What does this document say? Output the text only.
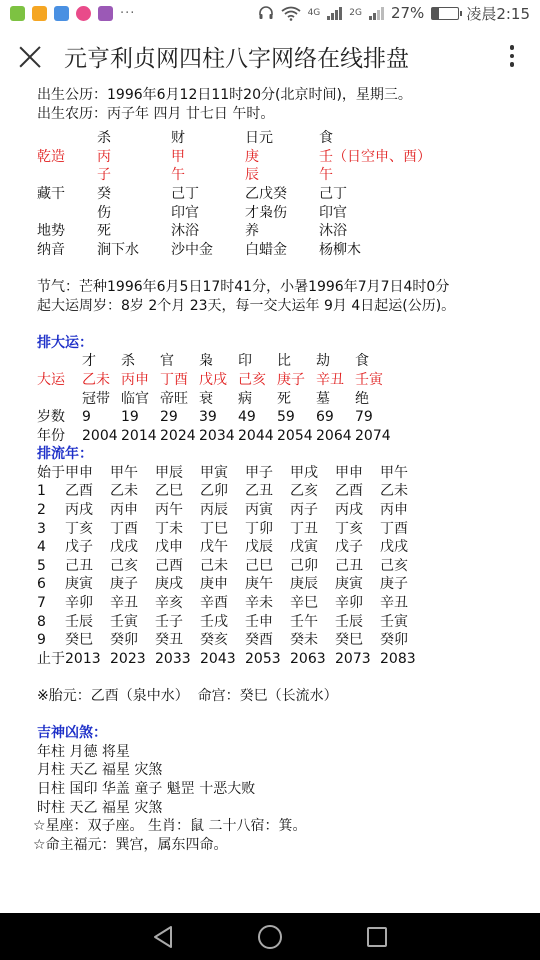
···	4G	2G 27%	凌晨2:15
元亨利贞网四柱八字网络在线排盘
出生公历：1996年6月12日11时20分(北京时间)，星期三。
出生农历：丙子年 四月 廿七日 午时。
杀	财	日元	食
乾造	丙	甲	庚	壬（日空申、酉）
子	午	辰	午
藏干	癸	己丁	乙戊癸	己丁
伤	印官	才枭伤	印官
地势	死	沐浴	养	沐浴
纳音	涧下水	沙中金	白蜡金	杨柳木
节气：芒种1996年6月5日17时41分，小暑1996年7月7日4时0分
起大运周岁：8岁 2个月 23天，每一交大运年 9月 4日起运(公历)。
排大运：
才	杀	官	枭	印	比	劫	食
大运	乙未 丙申 丁酉 戊戌 己亥 庚子 辛丑 壬寅
冠带 临官 帝旺 衰	病	死	墓	绝
岁数	9	19	29	39	49	59	69	79
年份	2004 2014 2024 2034 2044 2054 2064 2074
排流年：
始于 甲申	甲午	甲辰	甲寅	甲子	甲戌	甲申	甲午
1	乙酉	乙未	乙巳	乙卯	乙丑	乙亥	乙酉	乙未
2	丙戌	丙申	丙午	丙辰	丙寅	丙子	丙戌	丙申
3	丁亥	丁酉	丁未	丁巳	丁卯	丁丑	丁亥	丁酉
4	戊子	戊戌	戊申	戊午	戊辰	戊寅	戊子	戊戌
5	己丑	己亥	己酉	己未	己巳	己卯	己丑	己亥
6	庚寅	庚子	庚戌	庚申	庚午	庚辰	庚寅	庚子
7	辛卯	辛丑	辛亥	辛酉	辛未	辛巳	辛卯	辛丑
8	壬辰	壬寅	壬子	壬戌	壬申	壬午	壬辰	壬寅
9	癸巳	癸卯	癸丑	癸亥	癸酉	癸未	癸巳	癸卯
止于 2013 2023 2033 2043 2053 2063 2073 2083
※胎元：乙酉（泉中水）  命宫：癸巳（长流水）
吉神凶煞：
年柱 月德 将星
月柱 天乙 福星 灾煞
日柱 国印 华盖 童子 魁罡 十恶大败
时柱 天乙 福星 灾煞
☆星座：双子座。 生肖：鼠 二十八宿：箕。
☆命主福元：巽宫，属东四命。
